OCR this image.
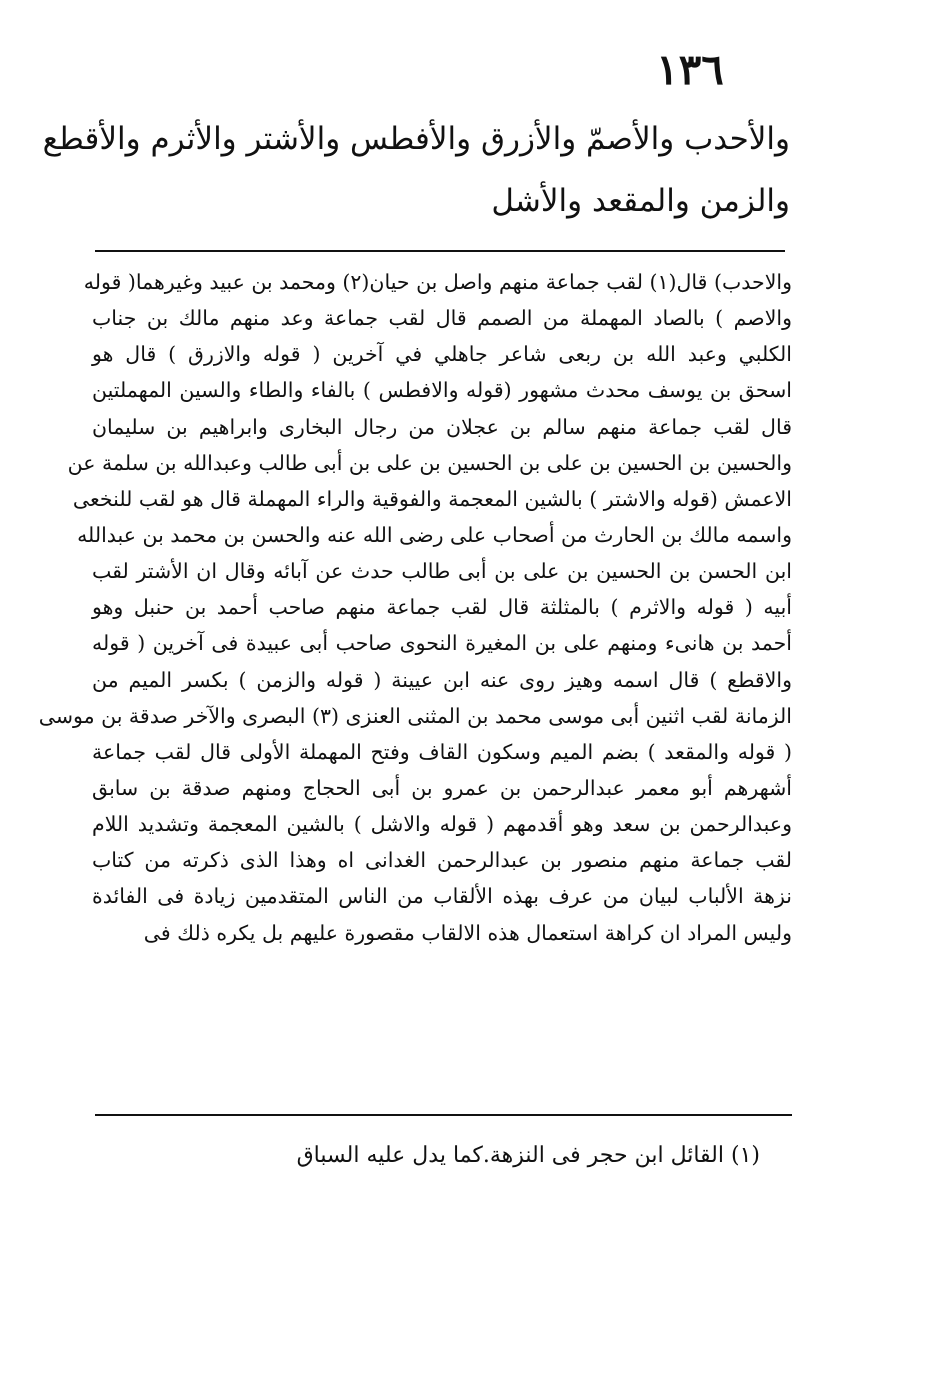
١٣٦
والأحدب والأصمّ والأزرق والأفطس والأشتر والأثرم والأقطع
والزمن والمقعد والأشل
والاحدب) قال(١) لقب جماعة منهم واصل بن حيان(٢) ومحمد بن عبيد وغيرهما( قوله
والاصم ) بالصاد المهملة من الصمم قال لقب جماعة وعد منهم مالك بن جناب
الكلبي وعبد الله بن ربعى شاعر جاهلي في آخرين ( قوله والازرق ) قال هو
اسحق بن يوسف محدث مشهور (قوله والافطس ) بالفاء والطاء والسين المهملتين
قال لقب جماعة منهم سالم بن عجلان من رجال البخارى وابراهيم بن سليمان
والحسين بن الحسين بن على بن الحسين بن على بن أبى طالب وعبدالله بن سلمة عن
الاعمش (قوله والاشتر ) بالشين المعجمة والفوقية والراء المهملة قال هو لقب للنخعى
واسمه مالك بن الحارث من أصحاب على رضى الله عنه والحسن بن محمد بن عبدالله
ابن الحسن بن الحسين بن على بن أبى طالب حدث عن آبائه وقال ان الأشتر لقب
أبيه ( قوله والاثرم ) بالمثلثة قال لقب جماعة منهم صاحب أحمد بن حنبل وهو
أحمد بن هانىء ومنهم على بن المغيرة النحوى صاحب أبى عبيدة فى آخرين ( قوله
والاقطع ) قال اسمه وهيز روى عنه ابن عيينة ( قوله والزمن ) بكسر الميم من
الزمانة لقب اثنين أبى موسى محمد بن المثنى العنزى (٣) البصرى والآخر صدقة بن موسى
( قوله والمقعد ) بضم الميم وسكون القاف وفتح المهملة الأولى قال لقب جماعة
أشهرهم أبو معمر عبدالرحمن بن عمرو بن أبى الحجاج ومنهم صدقة بن سابق
وعبدالرحمن بن سعد وهو أقدمهم ( قوله والاشل ) بالشين المعجمة وتشديد اللام
لقب جماعة منهم منصور بن عبدالرحمن الغدانى اه وهذا الذى ذكرته من كتاب
نزهة الألباب لبيان من عرف بهذه الألقاب من الناس المتقدمين زيادة فى الفائدة
وليس المراد ان كراهة استعمال هذه الالقاب مقصورة عليهم بل يكره ذلك فى
(١) القائل ابن حجر فى النزهة.كما يدل عليه السباق
